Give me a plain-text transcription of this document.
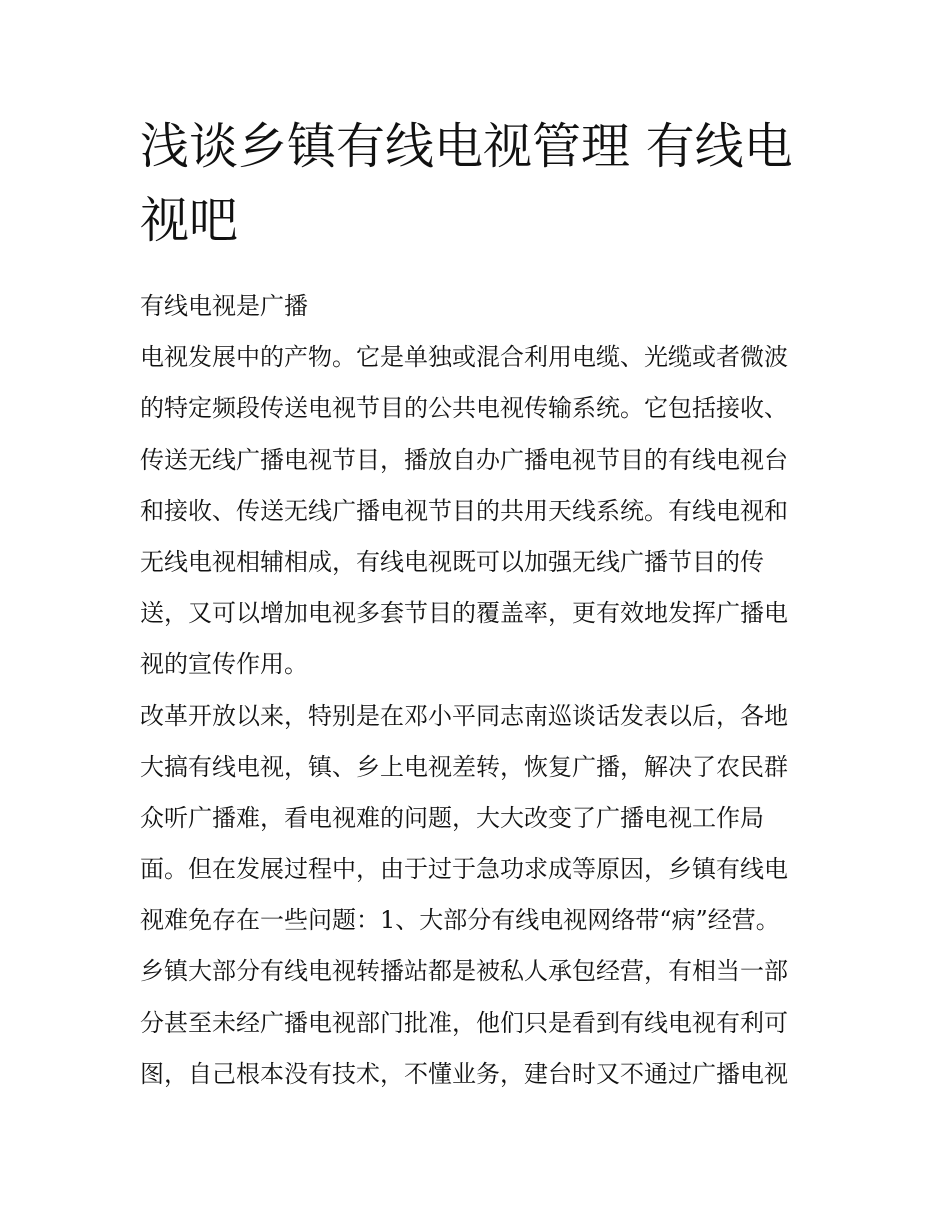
浅谈乡镇有线电视管理 有线电
视吧

有线电视是广播

电视发展中的产物。它是单独或混合利用电缆、光缆或者微波

的特定频段传送电视节目的公共电视传输系统。它包括接收、

传送无线广播电视节目，播放自办广播电视节目的有线电视台

和接收、传送无线广播电视节目的共用天线系统。有线电视和

无线电视相辅相成，有线电视既可以加强无线广播节目的传

送，又可以增加电视多套节目的覆盖率，更有效地发挥广播电

视的宣传作用。

改革开放以来，特别是在邓小平同志南巡谈话发表以后，各地

大搞有线电视，镇、乡上电视差转，恢复广播，解决了农民群

众听广播难，看电视难的问题，大大改变了广播电视工作局

面。但在发展过程中，由于过于急功求成等原因，乡镇有线电

视难免存在一些问题：1、大部分有线电视网络带“病”经营。

乡镇大部分有线电视转播站都是被私人承包经营，有相当一部

分甚至未经广播电视部门批准，他们只是看到有线电视有利可

图，自己根本没有技术，不懂业务，建台时又不通过广播电视
